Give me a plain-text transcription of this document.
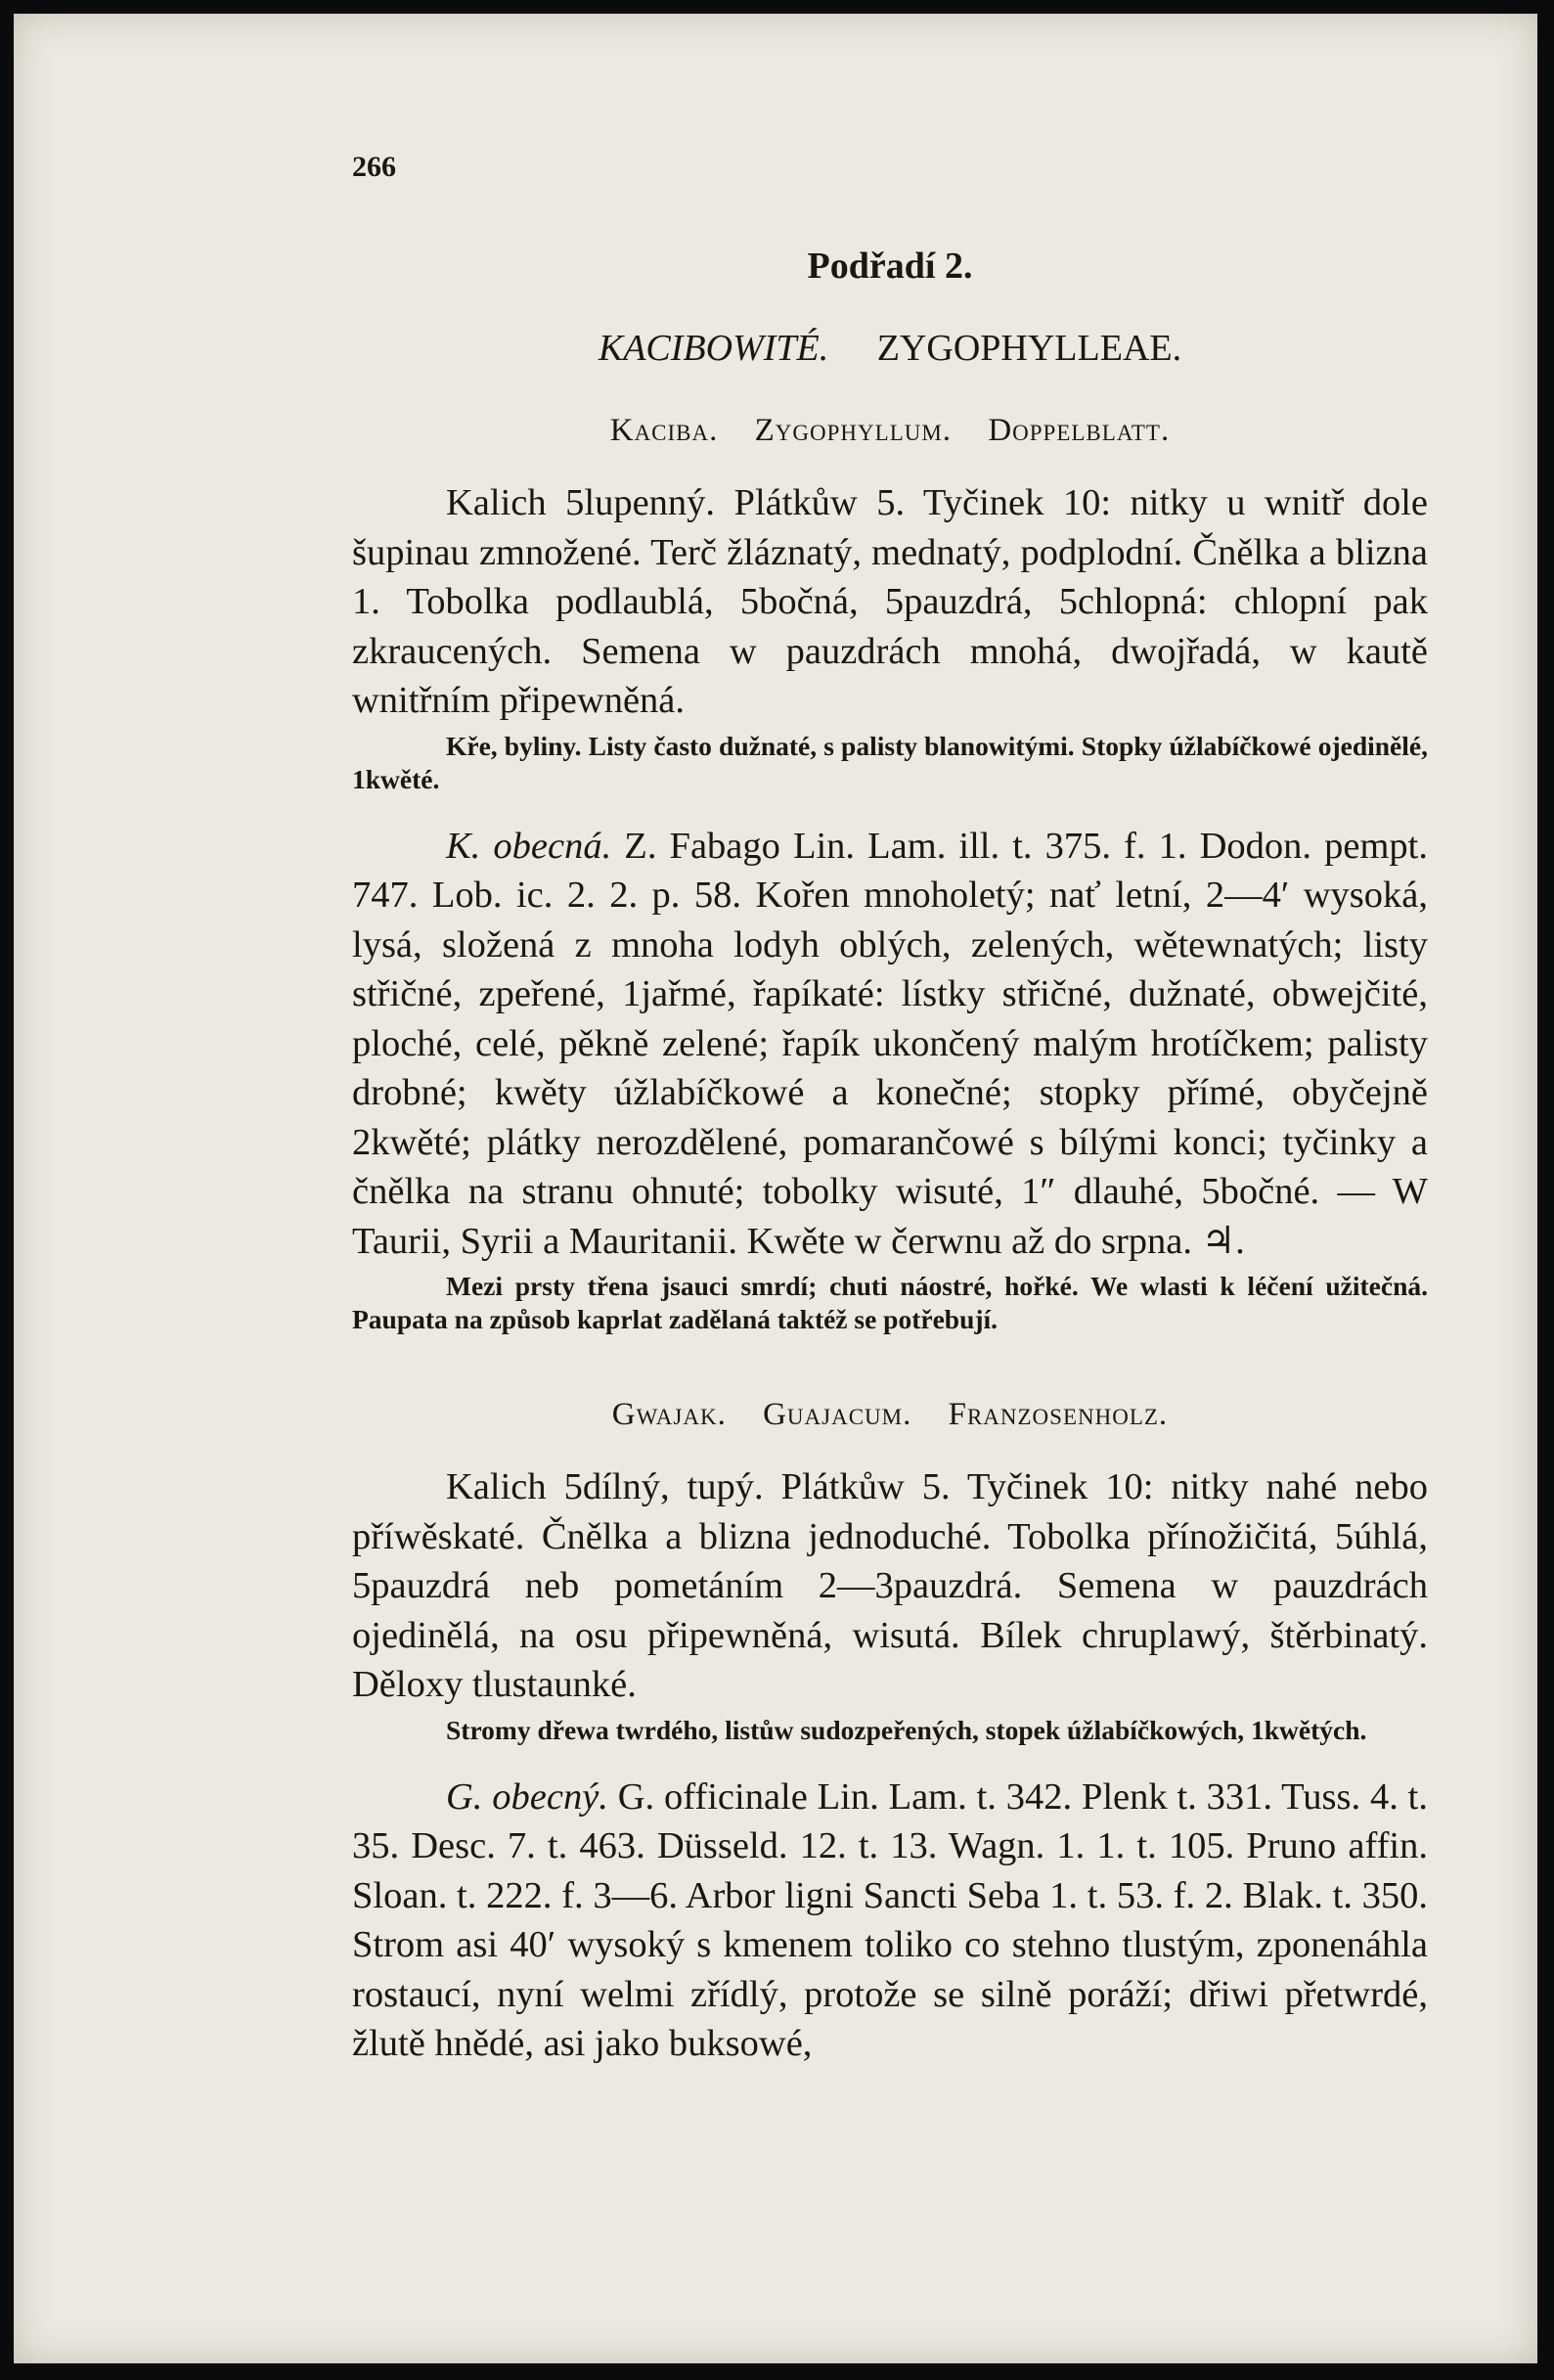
266
Podřadí 2.
KACIBOWITÉ. ZYGOPHYLLEAE.
Kaciba. Zygophyllum. Doppelblatt.

Kalich 5lupenný. Plátkůw 5. Tyčinek 10: nitky u wnitř dole šupinau zmnožené. Terč žláznatý, mednatý, podplodní. Čnělka a blizna 1. Tobolka podlaublá, 5bočná, 5pauzdrá, 5chlopná: chlopní pak zkraucených. Semena w pauzdrách mnohá, dwojřadá, w kautě wnitřním připewněná.

Kře, byliny. Listy často dužnaté, s palisty blanowitými. Stopky úžlabíčkowé ojedinělé, 1kwěté.

K. obecná. Z. Fabago Lin. Lam. ill. t. 375. f. 1. Dodon. pempt. 747. Lob. ic. 2. 2. p. 58. Kořen mnoholetý; nať letní, 2—4′ wysoká, lysá, složená z mnoha lodyh oblých, zelených, wětewnatých; listy střičné, zpeřené, 1jařmé, řapíkaté: lístky střičné, dužnaté, obwejčité, ploché, celé, pěkně zelené; řapík ukončený malým hrotíčkem; palisty drobné; kwěty úžlabíčkowé a konečné; stopky přímé, obyčejně 2kwěté; plátky nerozdělené, pomarančowé s bílými konci; tyčinky a čnělka na stranu ohnuté; tobolky wisuté, 1″ dlauhé, 5bočné. — W Taurii, Syrii a Mauritanii. Kwěte w čerwnu až do srpna. ♃.

Mezi prsty třena jsauci smrdí; chuti náostré, hořké. We wlasti k léčení užitečná. Paupata na způsob kaprlat zadělaná taktéž se potřebují.

Gwajak. Guajacum. Franzosenholz.

Kalich 5dílný, tupý. Plátkůw 5. Tyčinek 10: nitky nahé nebo příwěskaté. Čnělka a blizna jednoduché. Tobolka přínožičitá, 5úhlá, 5pauzdrá neb pometáním 2—3pauzdrá. Semena w pauzdrách ojedinělá, na osu připewněná, wisutá. Bílek chruplawý, štěrbinatý. Děloхy tlustaunké.

Stromy dřewa twrdého, listůw sudozpeřených, stopek úžlabíčkowých, 1kwětých.

G. obecný. G. officinale Lin. Lam. t. 342. Plenk t. 331. Tuss. 4. t. 35. Desc. 7. t. 463. Düsseld. 12. t. 13. Wagn. 1. 1. t. 105. Pruno affin. Sloan. t. 222. f. 3—6. Arbor ligni Sancti Seba 1. t. 53. f. 2. Blak. t. 350. Strom asi 40′ wysoký s kmenem toliko co stehno tlustým, zponenáhla rostaucí, nyní welmi zřídlý, protože se silně poráží; dřiwi přetwrdé, žlutě hnědé, asi jako buksowé,
